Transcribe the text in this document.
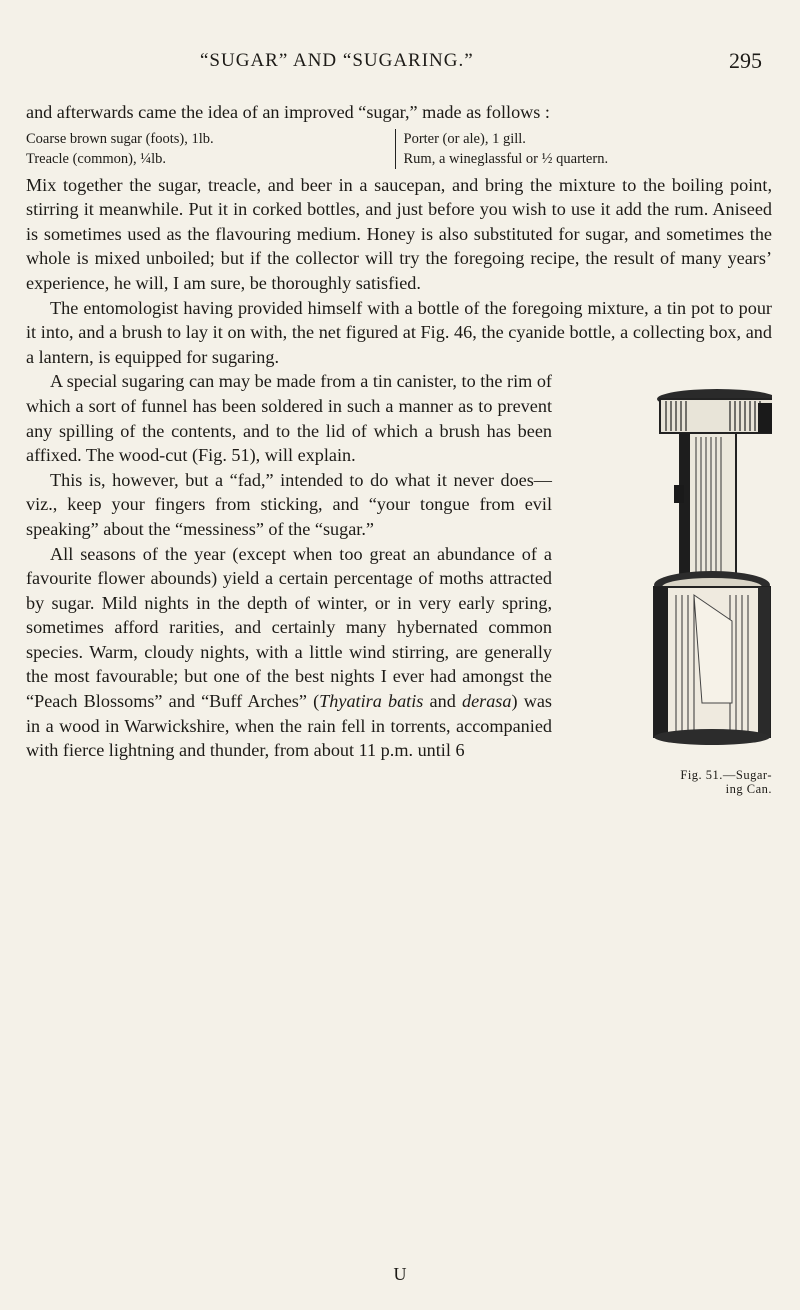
“SUGAR” AND “SUGARING.”	295

and afterwards came the idea of an improved “sugar,” made as follows :

Coarse brown sugar (foots), 1lb.
Treacle (common), ¼lb.
Porter (or ale), 1 gill.
Rum, a wineglassful or ½ quartern.

Mix together the sugar, treacle, and beer in a saucepan, and bring the mixture to the boiling point, stirring it meanwhile. Put it in corked bottles, and just before you wish to use it add the rum. Aniseed is sometimes used as the flavouring medium. Honey is also substituted for sugar, and sometimes the whole is mixed unboiled; but if the collector will try the foregoing recipe, the result of many years’ experience, he will, I am sure, be thoroughly satisfied.

The entomologist having provided himself with a bottle of the foregoing mixture, a tin pot to pour it into, and a brush to lay it on with, the net figured at Fig. 46, the cyanide bottle, a collecting box, and a lantern, is equipped for sugaring.

Fig. 51.—Sugar-
ing Can.

A special sugaring can may be made from a tin canister, to the rim of which a sort of funnel has been soldered in such a manner as to prevent any spilling of the contents, and to the lid of which a brush has been affixed. The wood-cut (Fig. 51), will explain.

This is, however, but a “fad,” intended to do what it never does—viz., keep your fingers from sticking, and “your tongue from evil speaking” about the “messiness” of the “sugar.”

All seasons of the year (except when too great an abundance of a favourite flower abounds) yield a certain percentage of moths attracted by sugar. Mild nights in the depth of winter, or in very early spring, sometimes afford rarities, and certainly many hybernated common species. Warm, cloudy nights, with a little wind stirring, are generally the most favourable; but one of the best nights I ever had amongst the “Peach Blossoms” and “Buff Arches” (Thyatira batis and derasa) was in a wood in Warwickshire, when the rain fell in torrents, accompanied with fierce lightning and thunder, from about 11 p.m. until 6

U
